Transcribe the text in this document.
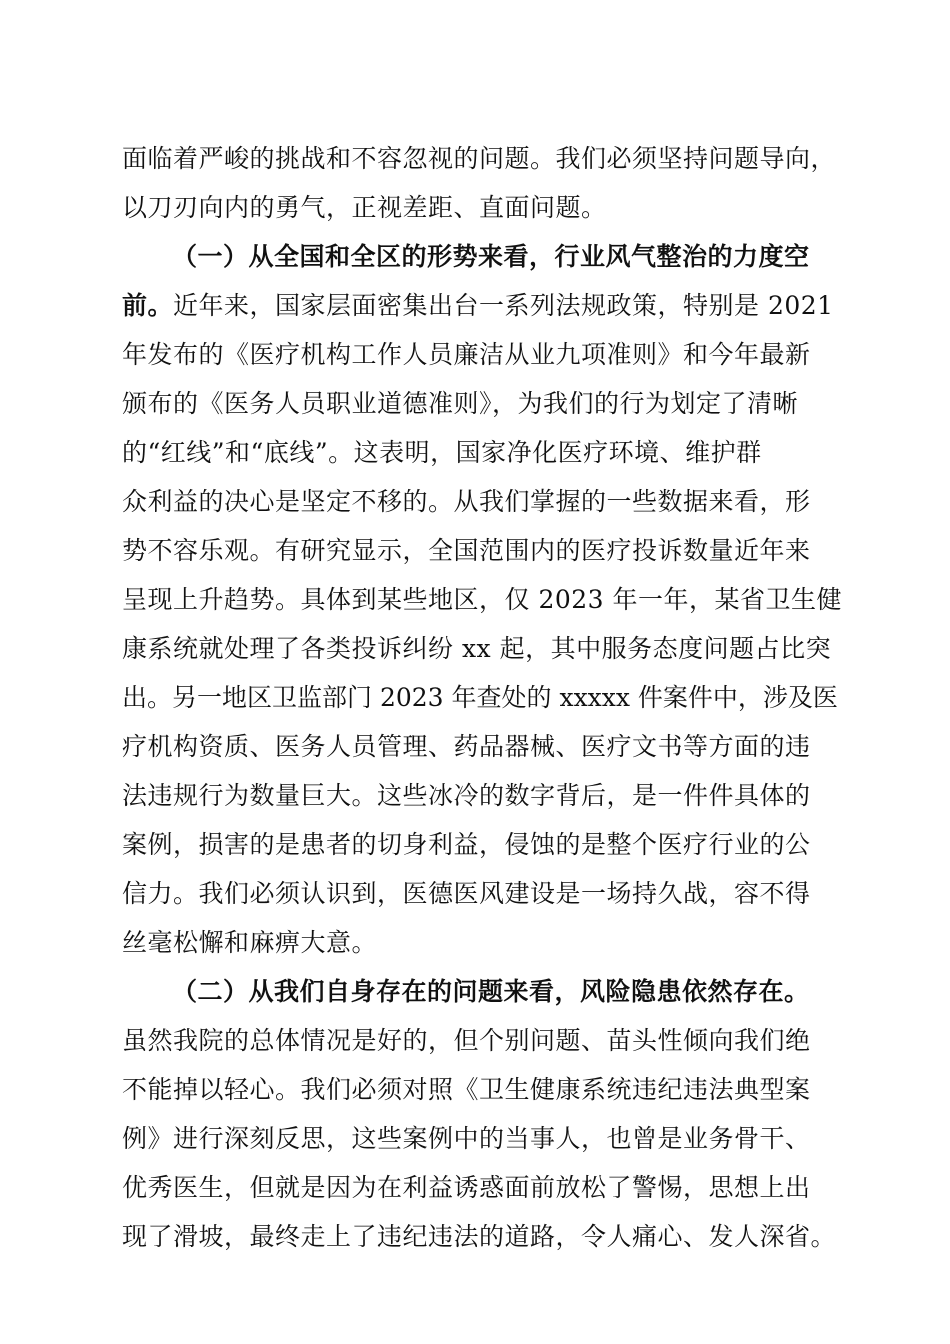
面临着严峻的挑战和不容忽视的问题。我们必须坚持问题导向，
以刀刃向内的勇气，正视差距、直面问题。
（一）从全国和全区的形势来看，行业风气整治的力度空
前。近年来，国家层面密集出台一系列法规政策，特别是 2021
年发布的《医疗机构工作人员廉洁从业九项准则》和今年最新
颁布的《医务人员职业道德准则》，为我们的行为划定了清晰
的“红线”和“底线”。这表明，国家净化医疗环境、维护群
众利益的决心是坚定不移的。从我们掌握的一些数据来看，形
势不容乐观。有研究显示，全国范围内的医疗投诉数量近年来
呈现上升趋势。具体到某些地区，仅 2023 年一年，某省卫生健
康系统就处理了各类投诉纠纷 xx 起，其中服务态度问题占比突
出。另一地区卫监部门 2023 年查处的 xxxxx 件案件中，涉及医
疗机构资质、医务人员管理、药品器械、医疗文书等方面的违
法违规行为数量巨大。这些冰冷的数字背后，是一件件具体的
案例，损害的是患者的切身利益，侵蚀的是整个医疗行业的公
信力。我们必须认识到，医德医风建设是一场持久战，容不得
丝毫松懈和麻痹大意。
（二）从我们自身存在的问题来看，风险隐患依然存在。
虽然我院的总体情况是好的，但个别问题、苗头性倾向我们绝
不能掉以轻心。我们必须对照《卫生健康系统违纪违法典型案
例》进行深刻反思，这些案例中的当事人，也曾是业务骨干、
优秀医生，但就是因为在利益诱惑面前放松了警惕，思想上出
现了滑坡，最终走上了违纪违法的道路，令人痛心、发人深省。
